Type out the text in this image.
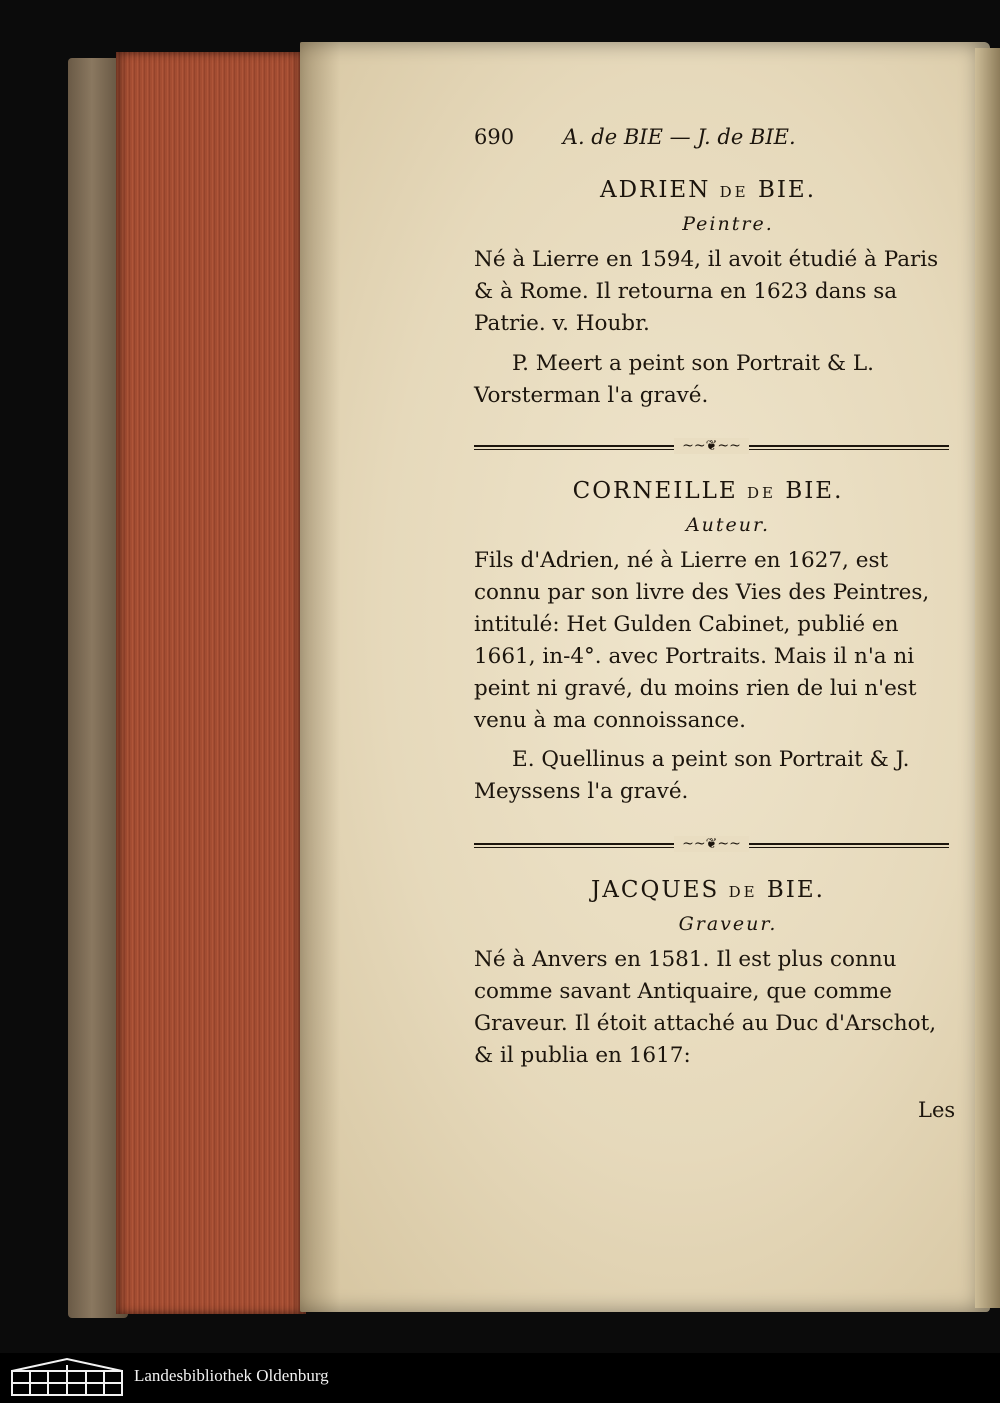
690 A. de BIE — J. de BIE.
ADRIEN DE BIE.
Peintre.
Né à Lierre en 1594, il avoit étudié à Paris & à Rome. Il retourna en 1623 dans sa Patrie. v. Houbr.
P. Meert a peint son Portrait & L. Vorsterman l'a gravé.
~~❦~~
CORNEILLE DE BIE.
Auteur.
Fils d'Adrien, né à Lierre en 1627, est connu par son livre des Vies des Peintres, intitulé: Het Gulden Cabinet, publié en 1661, in-4°. avec Portraits. Mais il n'a ni peint ni gravé, du moins rien de lui n'est venu à ma connoissance.
E. Quellinus a peint son Portrait & J. Meyssens l'a gravé.
~~❦~~
JACQUES DE BIE.
Graveur.
Né à Anvers en 1581. Il est plus connu comme savant Antiquaire, que comme Graveur. Il étoit attaché au Duc d'Arschot, & il publia en 1617:
Les
Landesbibliothek Oldenburg
